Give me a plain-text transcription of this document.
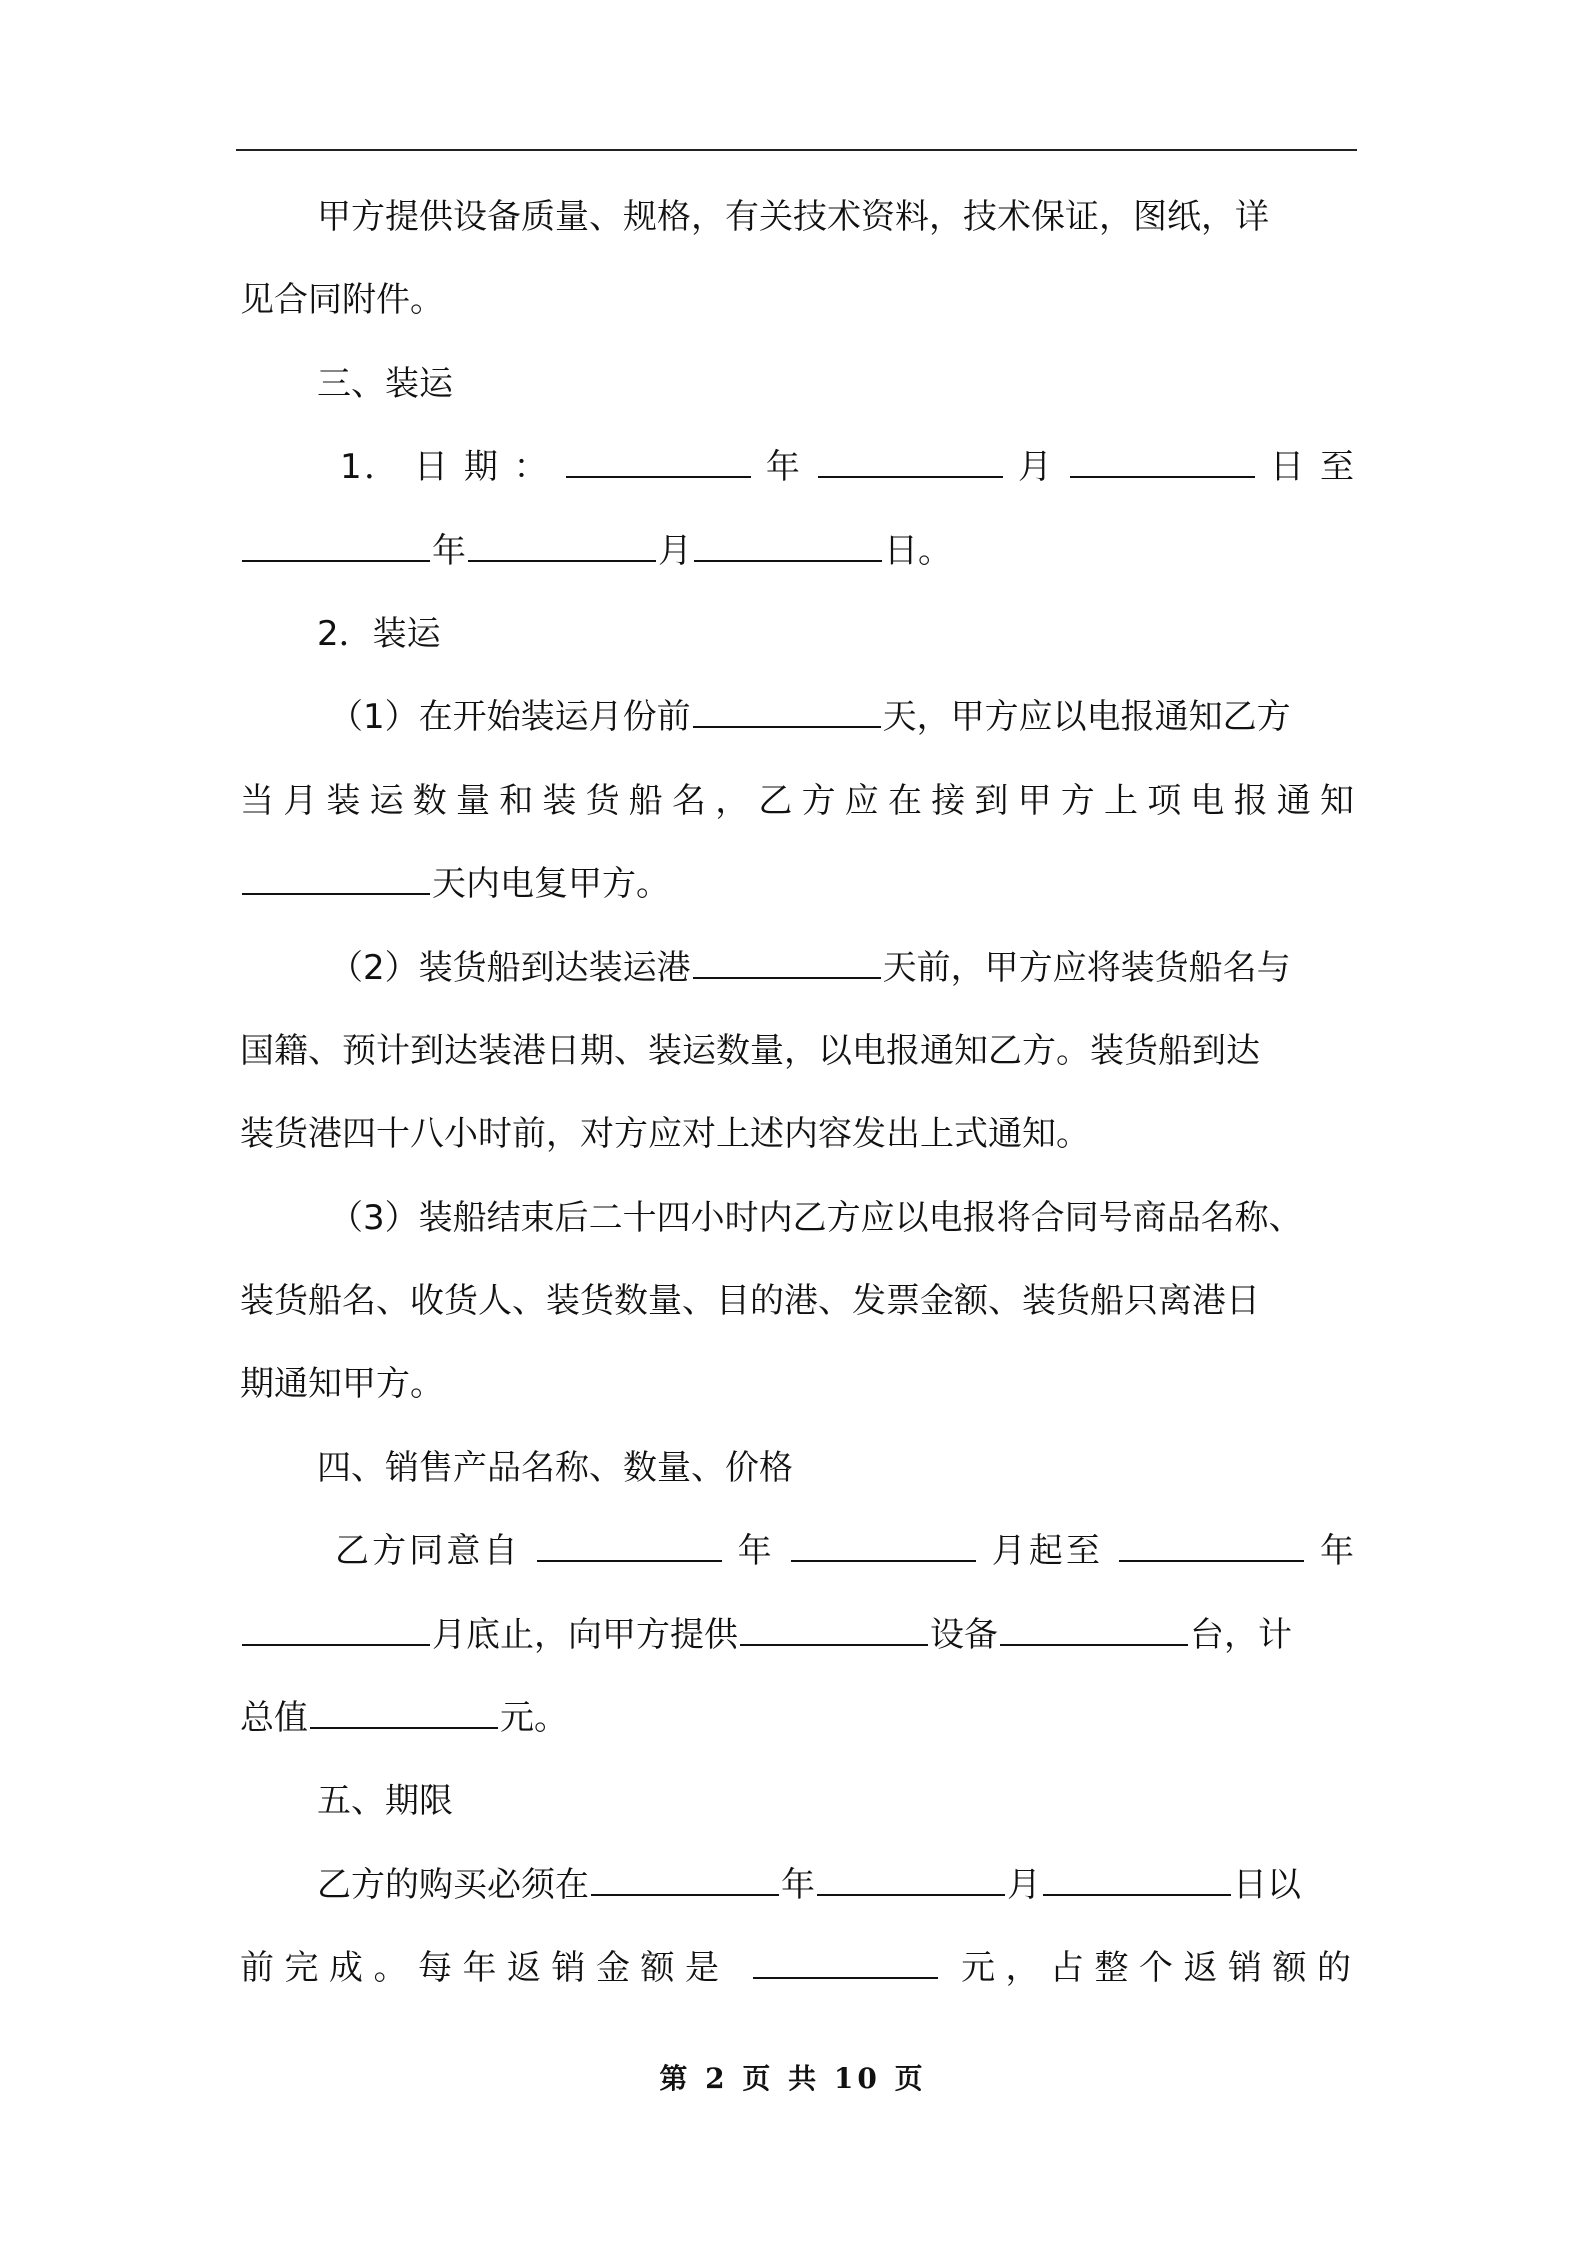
甲方提供设备质量、规格，有关技术资料，技术保证，图纸，详
见合同附件。
三、装运
1． 日 期 ：	年	月	日 至
年	月	日。
2．装运
（1）在开始装运月份前	天，甲方应以电报通知乙方
当月装运数量和装货船名，乙方应在接到甲方上项电报通知
天内电复甲方。
（2）装货船到达装运港	天前，甲方应将装货船名与
国籍、预计到达装港日期、装运数量，以电报通知乙方。装货船到达
装货港四十八小时前，对方应对上述内容发出上式通知。
（3）装船结束后二十四小时内乙方应以电报将合同号商品名称、
装货船名、收货人、装货数量、目的港、发票金额、装货船只离港日
期通知甲方。
四、销售产品名称、数量、价格
乙方同意自	年	月起至	年
月底止，向甲方提供	设备	台，计
总值	元。
五、期限
乙方的购买必须在	年	月	日以
前完成。每年返销金额是	元，占整个返销额的
第 2 页 共 10 页
